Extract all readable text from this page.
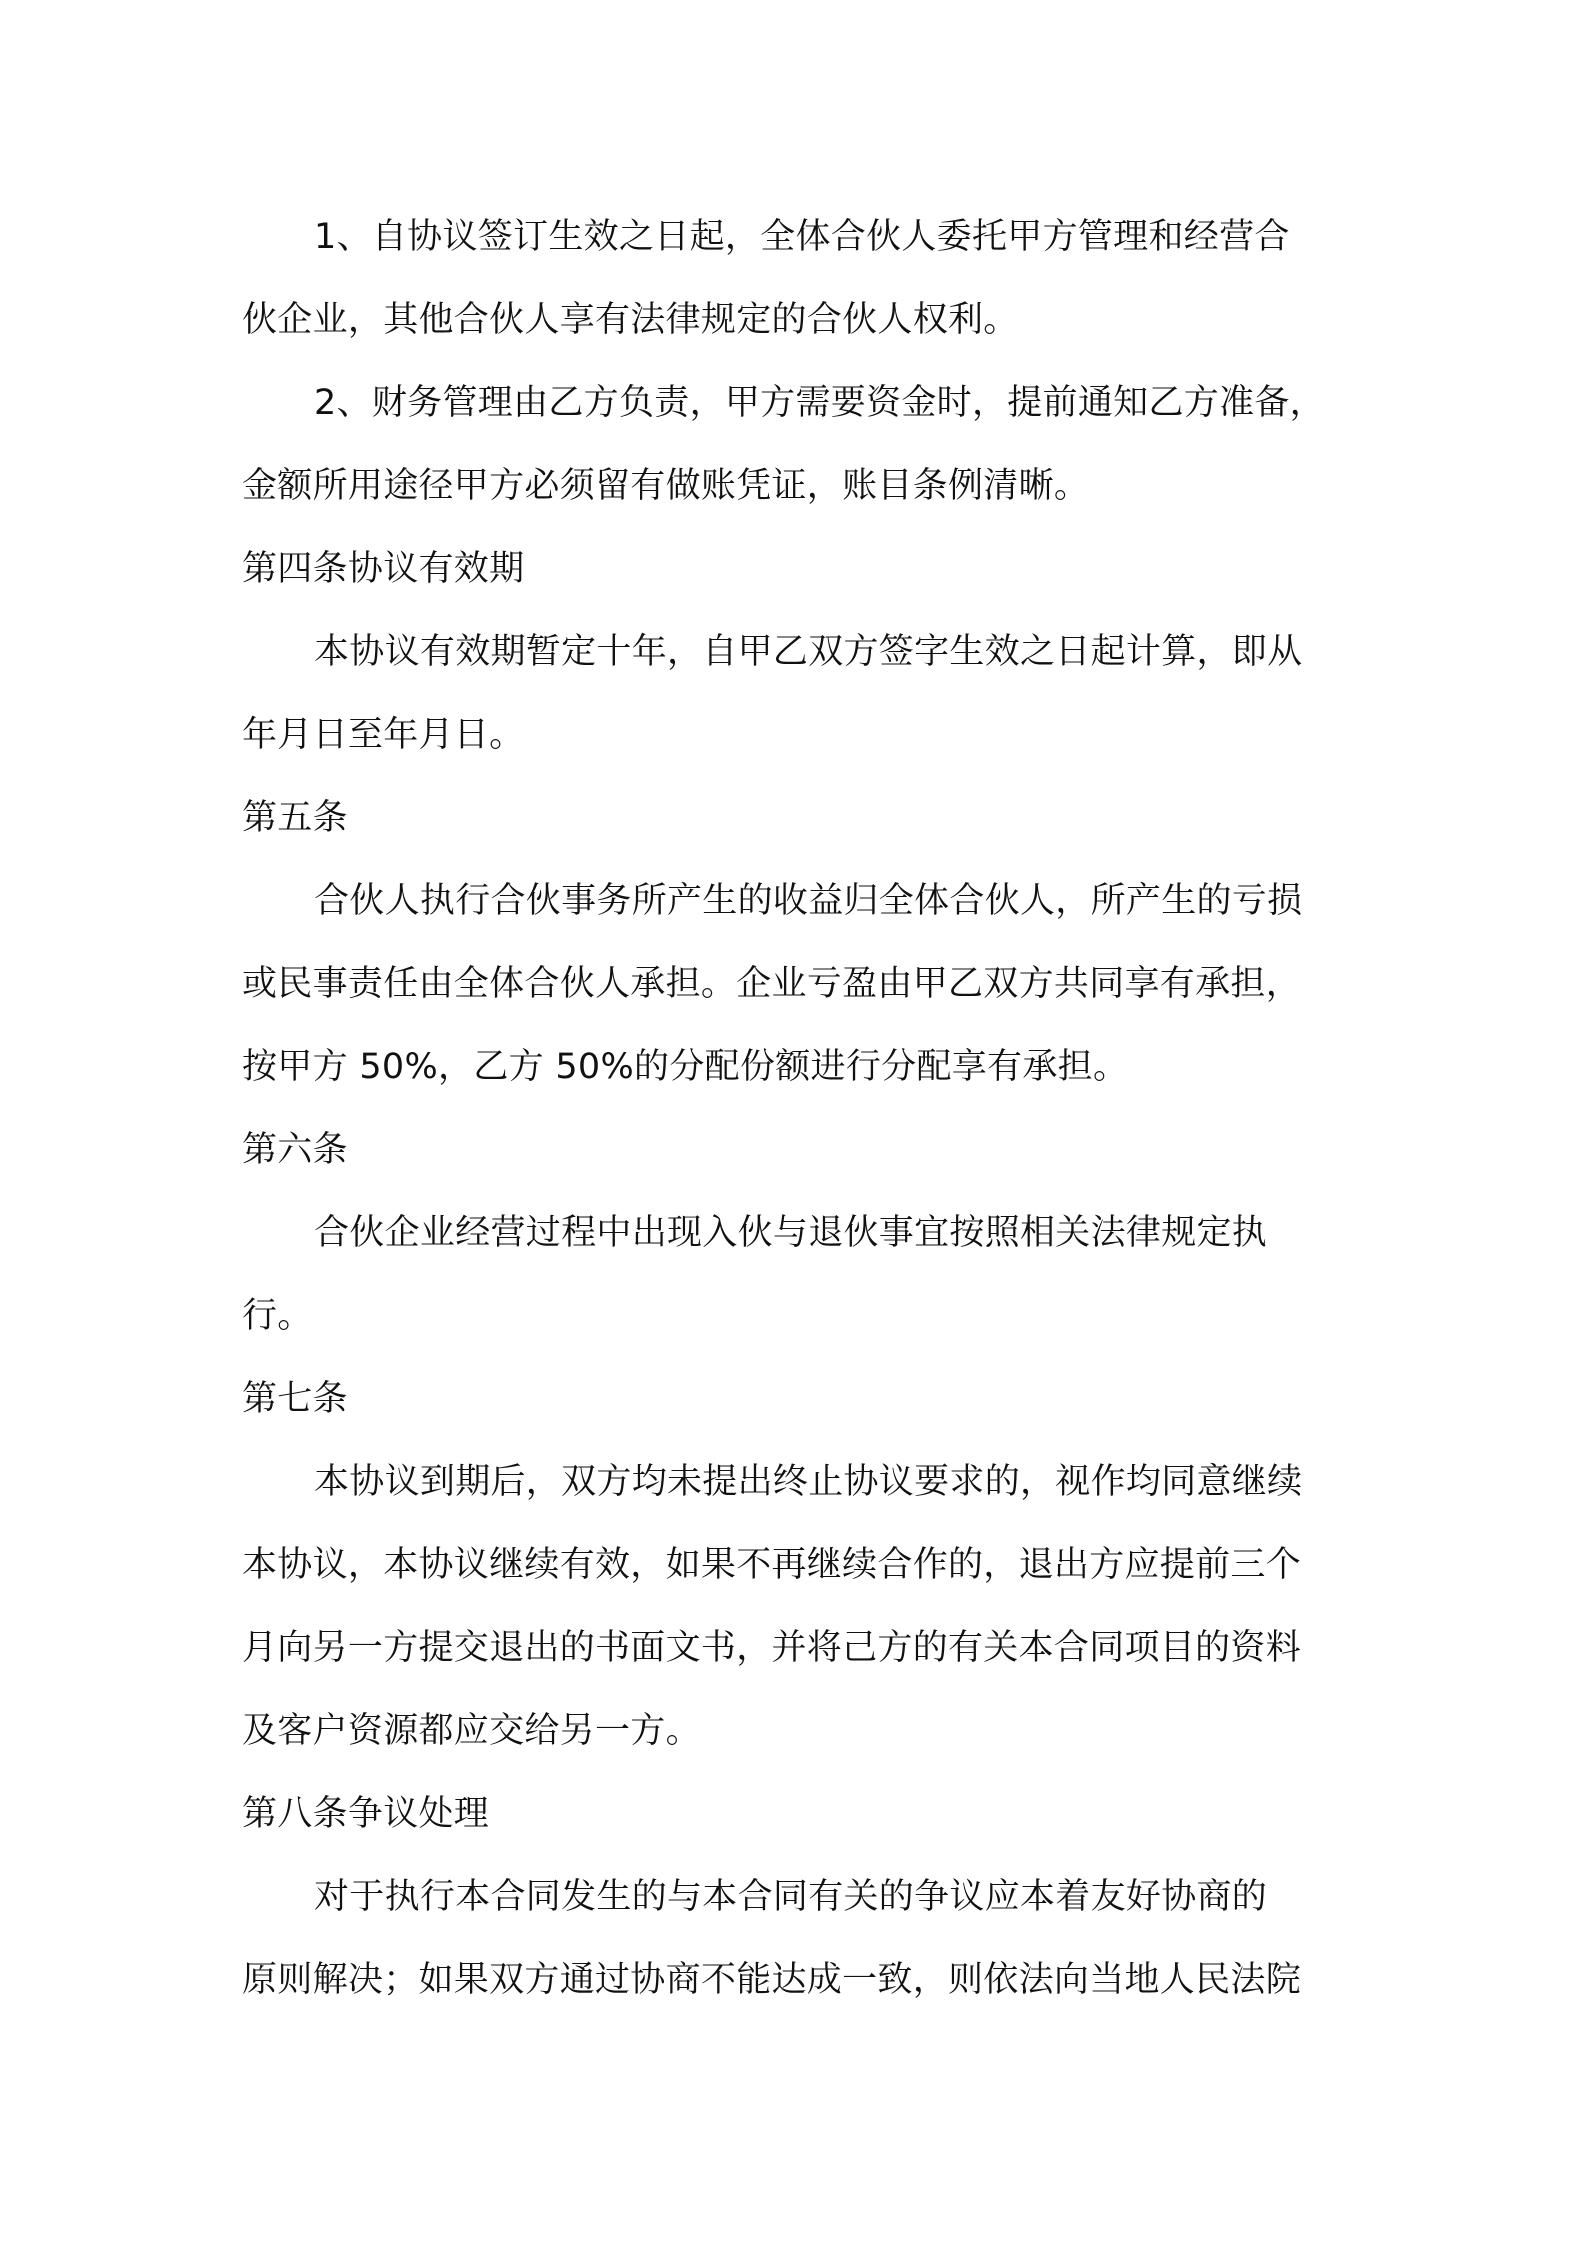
1、自协议签订生效之日起，全体合伙人委托甲方管理和经营合
伙企业，其他合伙人享有法律规定的合伙人权利。
2、财务管理由乙方负责，甲方需要资金时，提前通知乙方准备，
金额所用途径甲方必须留有做账凭证，账目条例清晰。
第四条协议有效期
本协议有效期暂定十年，自甲乙双方签字生效之日起计算，即从
年月日至年月日。
第五条
合伙人执行合伙事务所产生的收益归全体合伙人，所产生的亏损
或民事责任由全体合伙人承担。企业亏盈由甲乙双方共同享有承担，
按甲方 50%，乙方 50%的分配份额进行分配享有承担。
第六条
合伙企业经营过程中出现入伙与退伙事宜按照相关法律规定执
行。
第七条
本协议到期后，双方均未提出终止协议要求的，视作均同意继续
本协议，本协议继续有效，如果不再继续合作的，退出方应提前三个
月向另一方提交退出的书面文书，并将己方的有关本合同项目的资料
及客户资源都应交给另一方。
第八条争议处理
对于执行本合同发生的与本合同有关的争议应本着友好协商的
原则解决；如果双方通过协商不能达成一致，则依法向当地人民法院
